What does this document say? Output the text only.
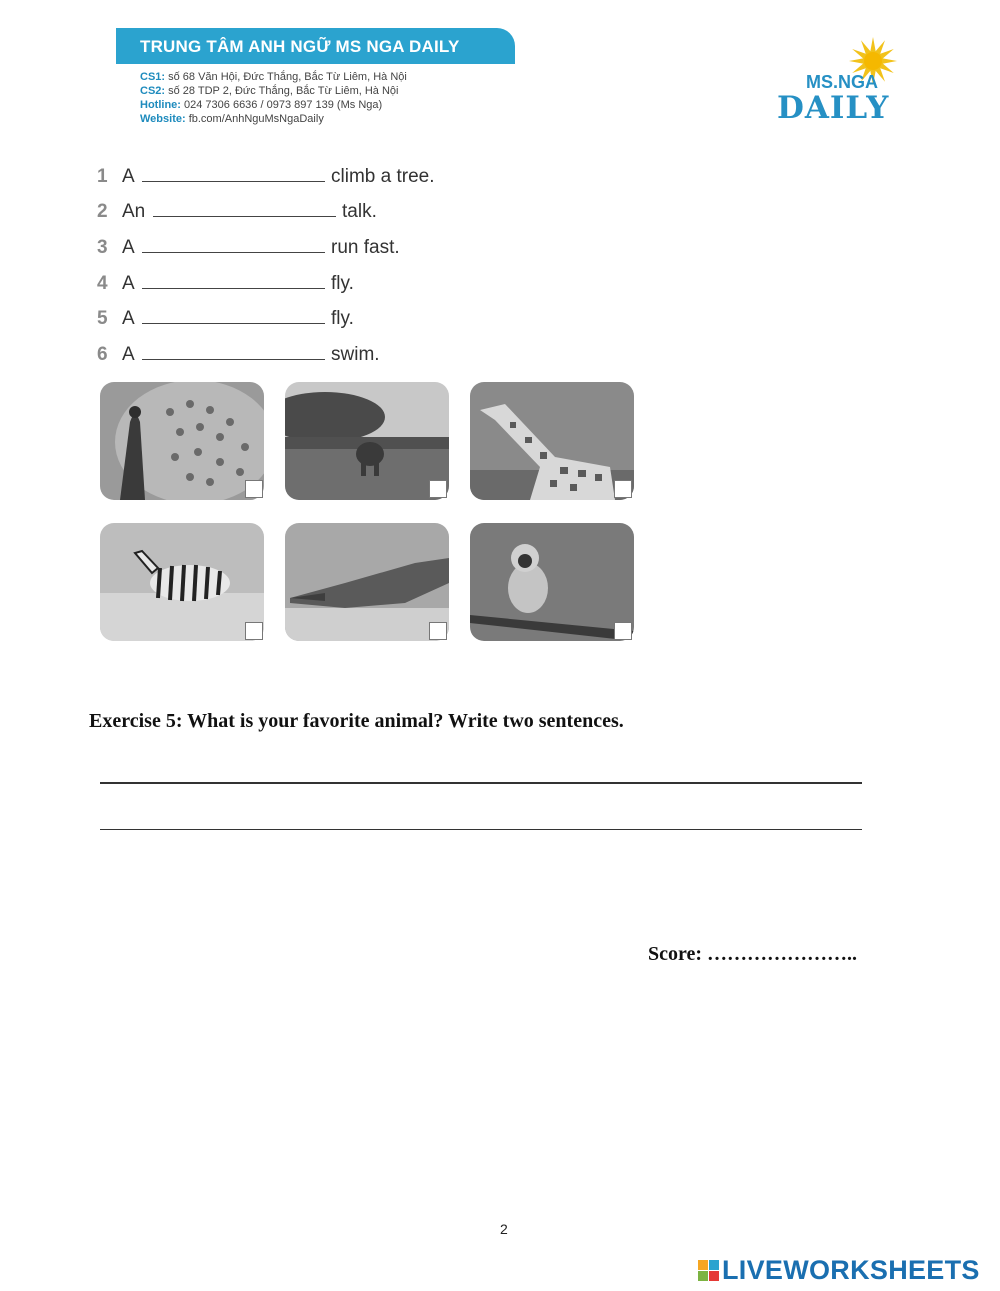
TRUNG TÂM ANH NGỮ MS NGA DAILY
CS1: số 68 Văn Hội, Đức Thắng, Bắc Từ Liêm, Hà Nội
CS2: số 28 TDP 2, Đức Thắng, Bắc Từ Liêm, Hà Nội
Hotline: 024 7306 6636 / 0973 897 139 (Ms Nga)
Website: fb.com/AnhNguMsNgaDaily
MS.NGA
DAILY
1 A	climb a tree.
2 An	talk.
3 A	run fast.
4 A	fly.
5 A	fly.
6 A	swim.
Exercise 5: What is your favorite animal? Write two sentences.
Score: …………………..
2
LIVEWORKSHEETS
